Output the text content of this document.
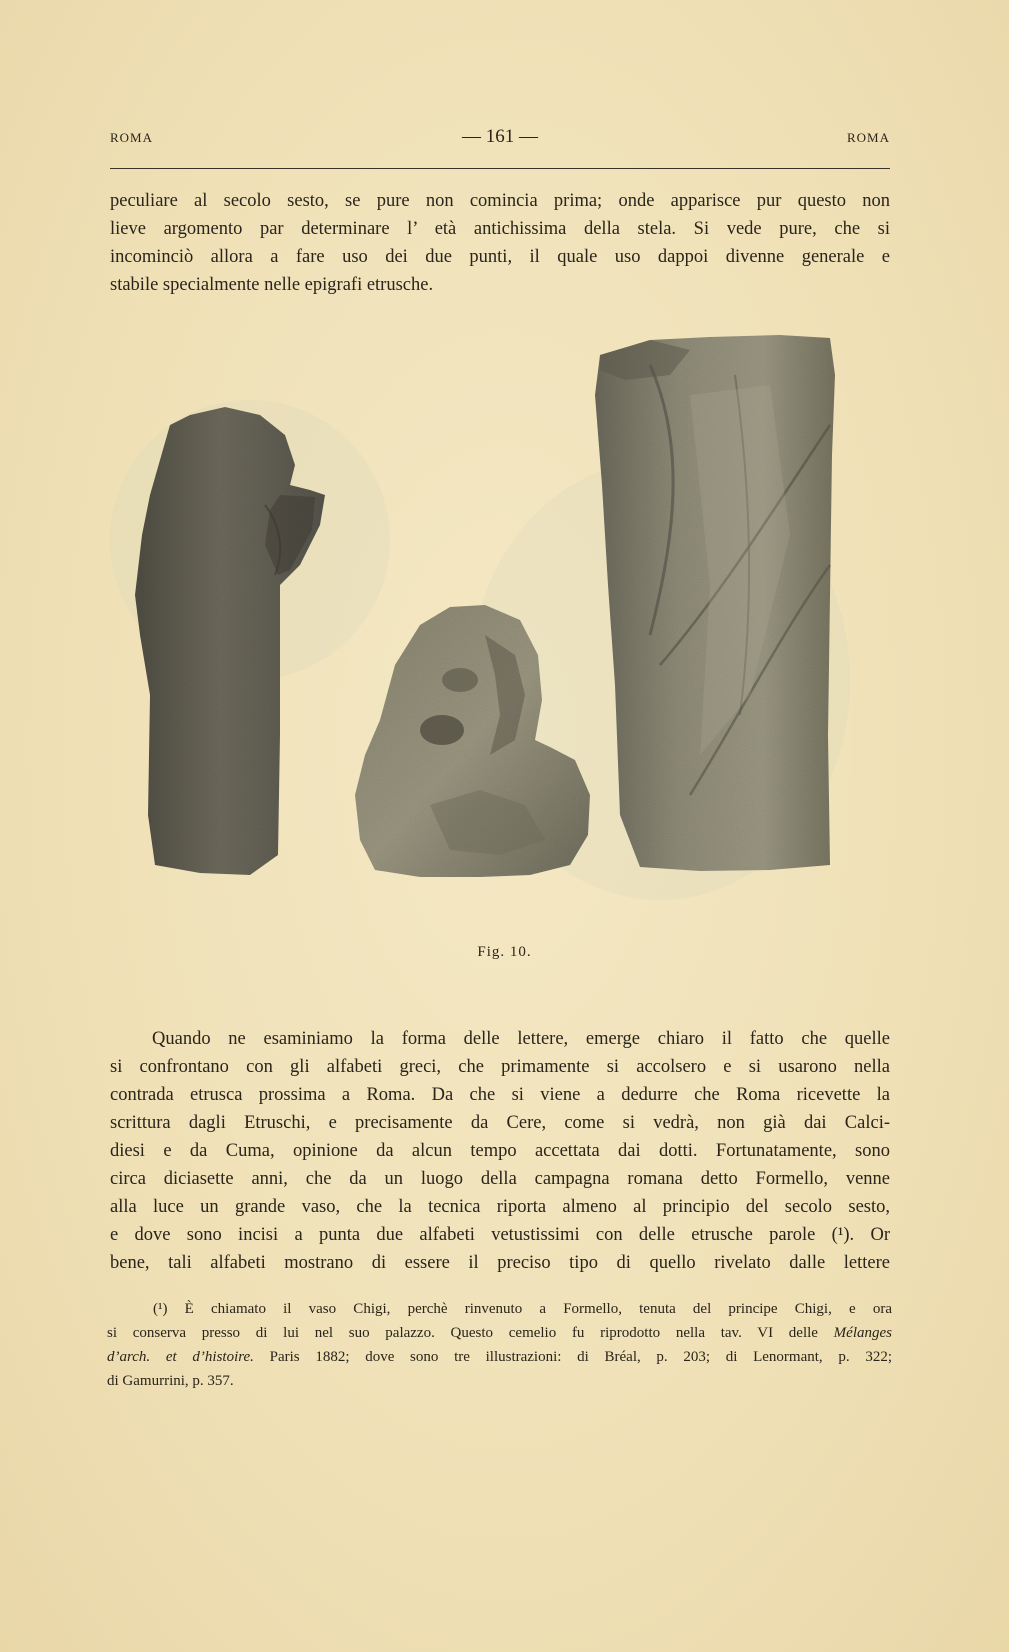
ROMA	— 161 —	ROMA
peculiare al secolo sesto, se pure non comincia prima; onde apparisce pur questo non
lieve argomento par determinare l’ età antichissima della stela. Si vede pure, che si
incominciò allora a fare uso dei due punti, il quale uso dappoi divenne generale e
stabile specialmente nelle epigrafi etrusche.
Fig. 10.
Quando ne esaminiamo la forma delle lettere, emerge chiaro il fatto che quelle
si confrontano con gli alfabeti greci, che primamente si accolsero e si usarono nella
contrada etrusca prossima a Roma. Da che si viene a dedurre che Roma ricevette la
scrittura dagli Etruschi, e precisamente da Cere, come si vedrà, non già dai Calci-
diesi e da Cuma, opinione da alcun tempo accettata dai dotti. Fortunatamente, sono
circa diciasette anni, che da un luogo della campagna romana detto Formello, venne
alla luce un grande vaso, che la tecnica riporta almeno al principio del secolo sesto,
e dove sono incisi a punta due alfabeti vetustissimi con delle etrusche parole (¹). Or
bene, tali alfabeti mostrano di essere il preciso tipo di quello rivelato dalle lettere
(¹) È chiamato il vaso Chigi, perchè rinvenuto a Formello, tenuta del principe Chigi, e ora
si conserva presso di lui nel suo palazzo. Questo cemelio fu riprodotto nella tav. VI delle Mélanges
d’arch. et d’histoire. Paris 1882; dove sono tre illustrazioni: di Bréal, p. 203; di Lenormant, p. 322;
di Gamurrini, p. 357.
